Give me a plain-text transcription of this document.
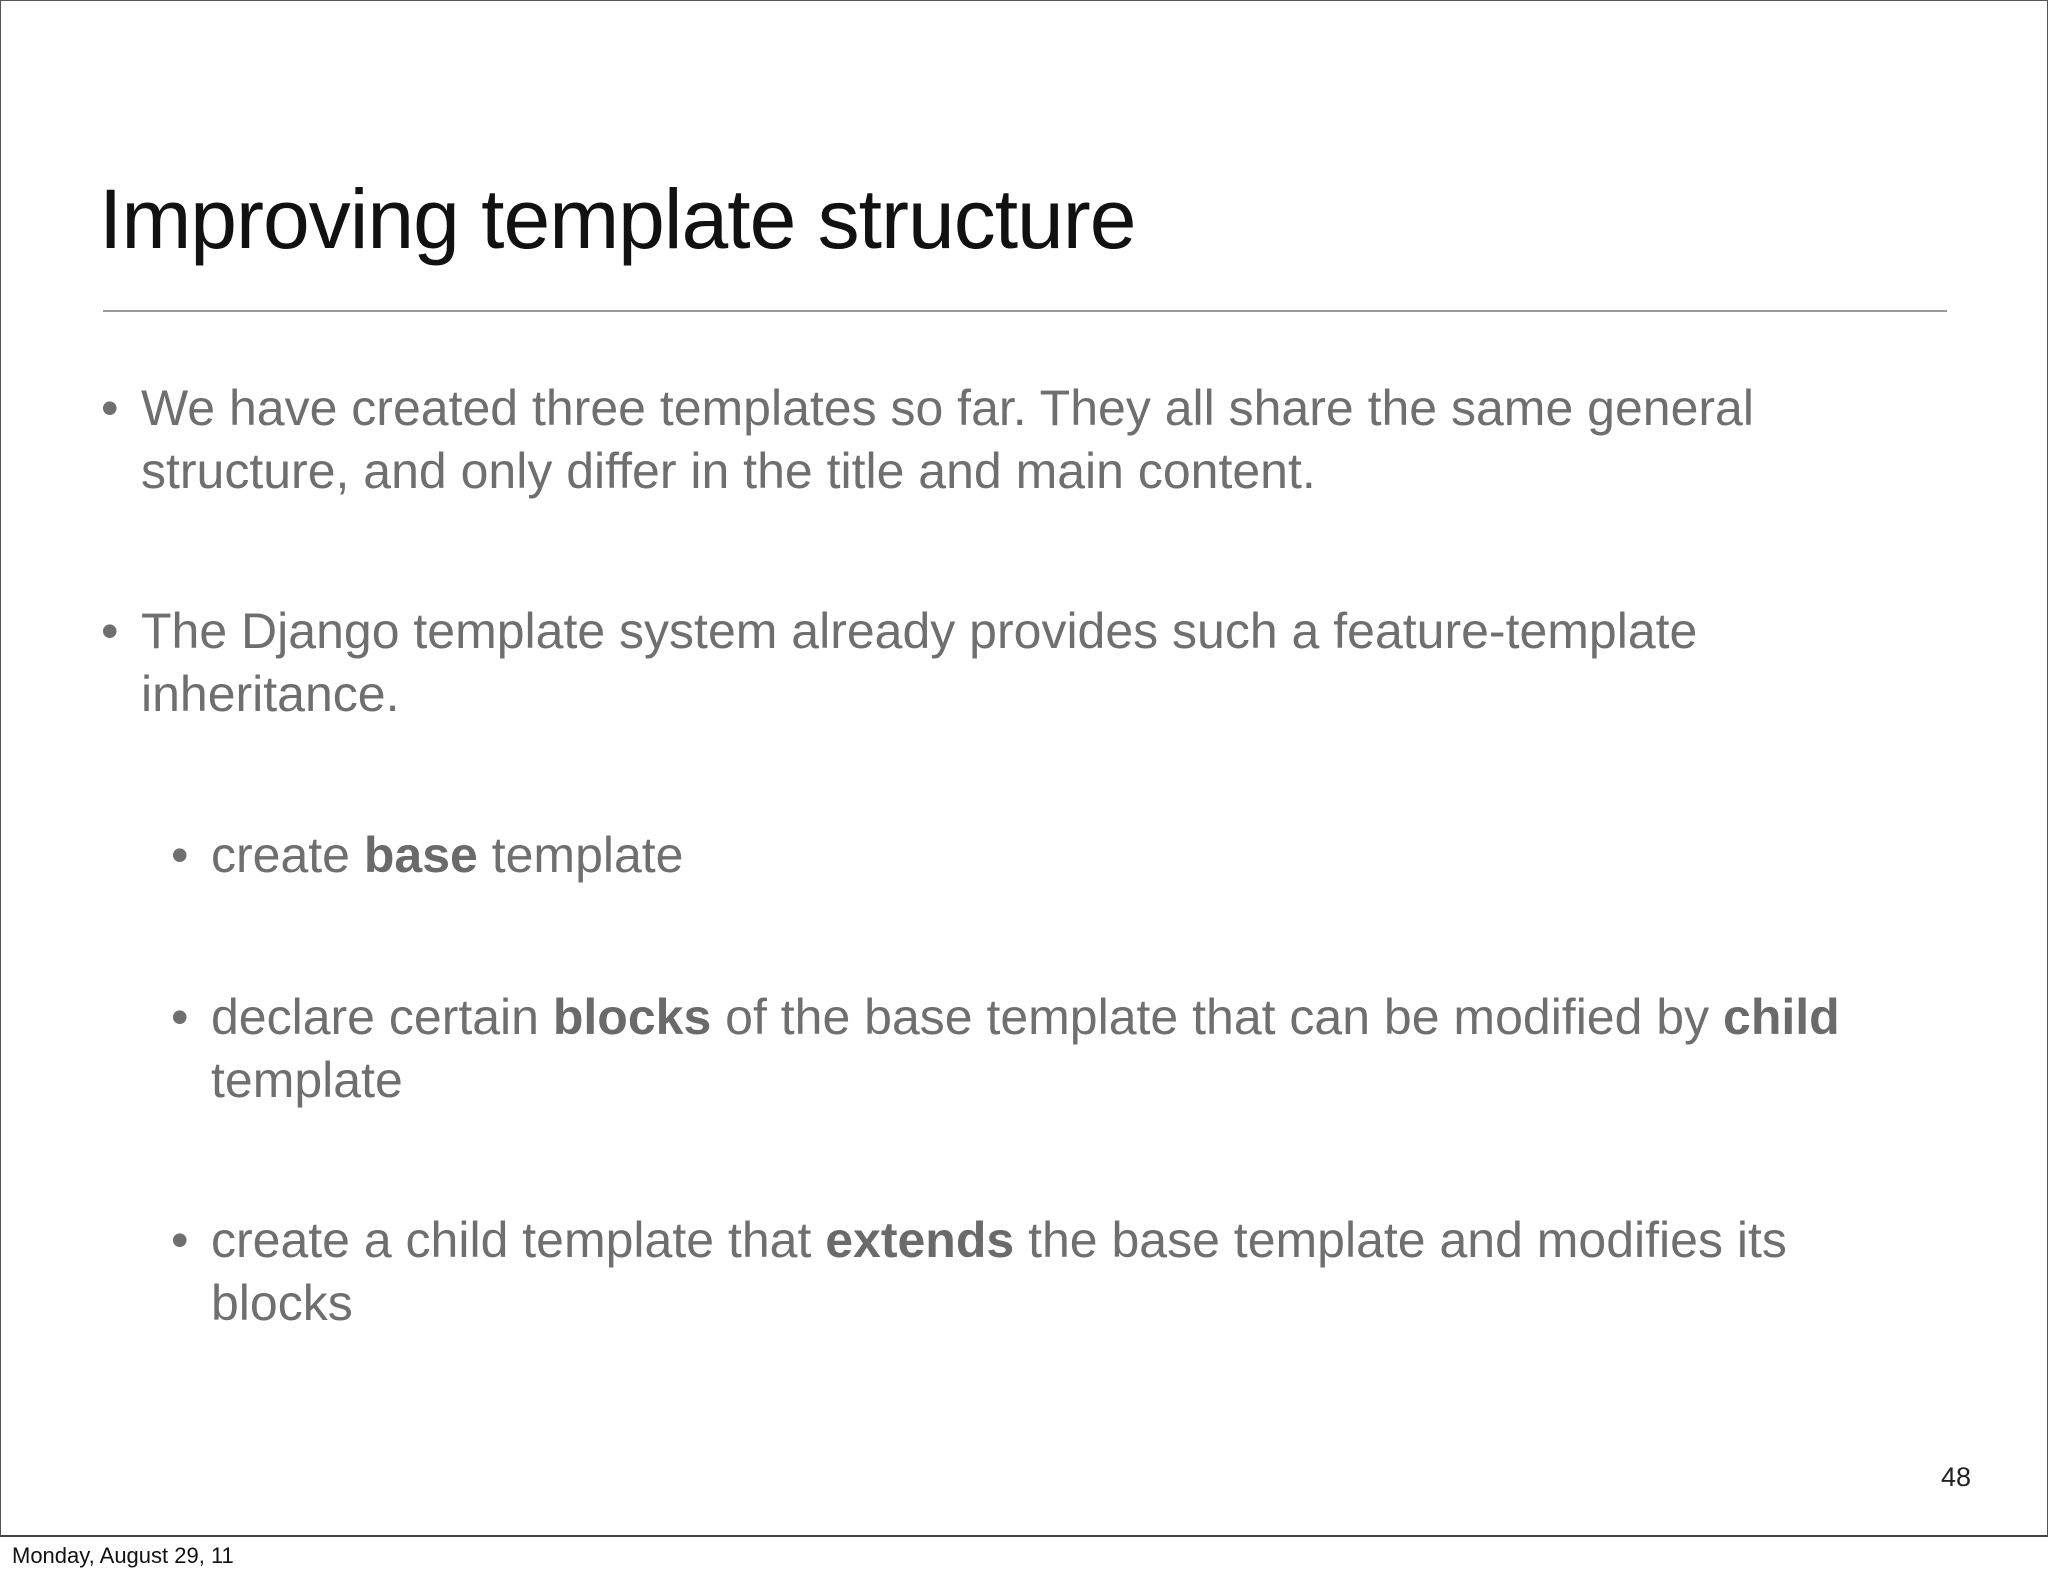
Improving template structure
• We have created three templates so far. They all share the same general structure, and only differ in the title and main content.
• The Django template system already provides such a feature-template inheritance.
• create base template
• declare certain blocks of the base template that can be modified by child template
• create a child template that extends the base template and modifies its blocks
48
Monday, August 29, 11
